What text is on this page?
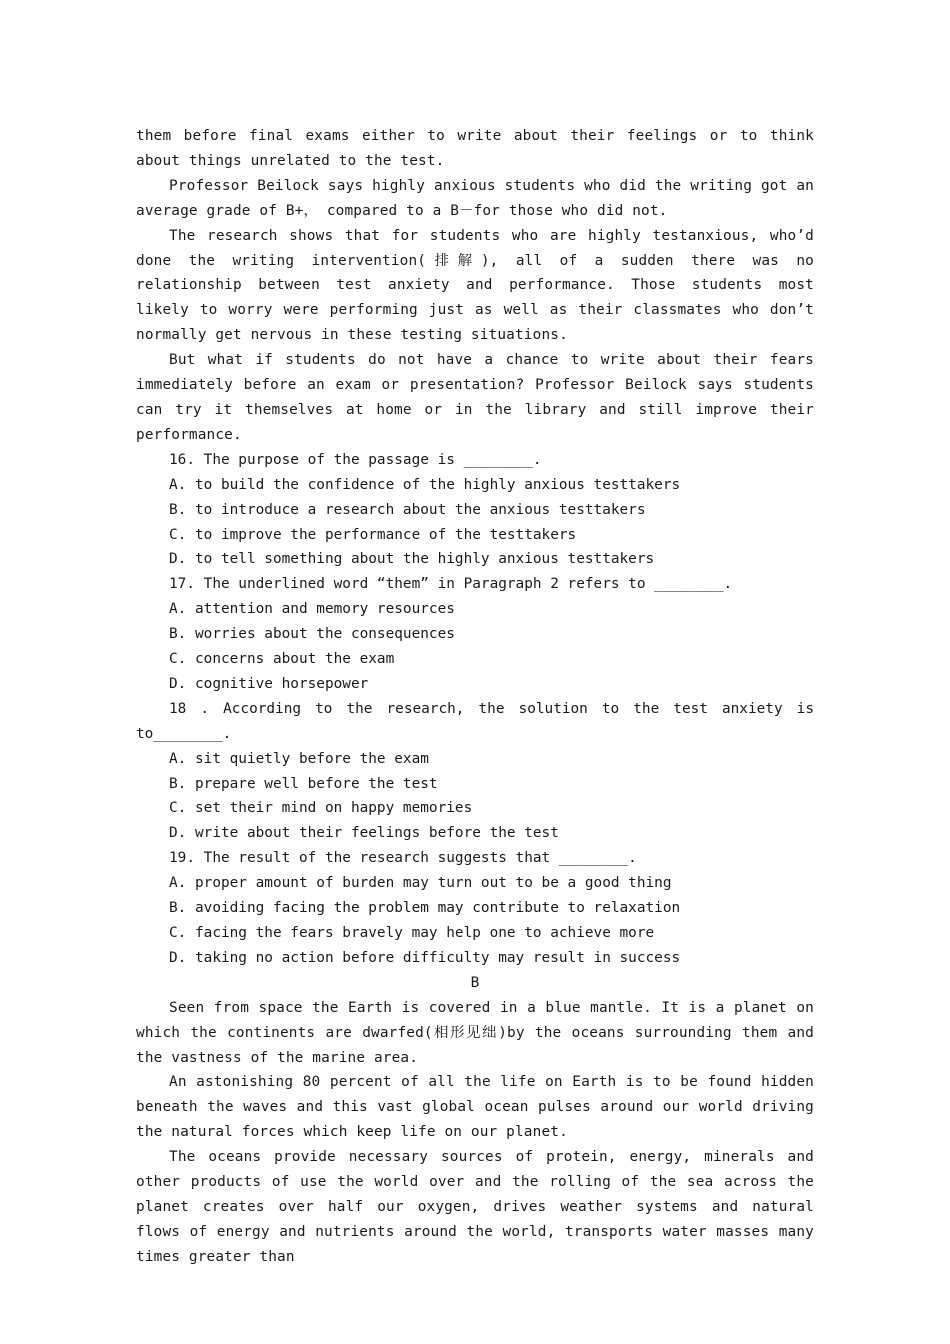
them before final exams either to write about their feelings or to think about things unrelated to the test.

Professor Beilock says highly anxious students who did the writing got an average grade of B+， compared to a B－for those who did not.

The research shows that for students who are highly testanxious, who’d done the writing intervention(排解), all of a sudden there was no relationship between test anxiety and performance. Those students most likely to worry were performing just as well as their classmates who don’t normally get nervous in these testing situations.

But what if students do not have a chance to write about their fears immediately before an exam or presentation? Professor Beilock says students can try it themselves at home or in the library and still improve their performance.

16. The purpose of the passage is ________.

A. to build the confidence of the highly anxious testtakers

B. to introduce a research about the anxious testtakers

C. to improve the performance of the testtakers

D. to tell something about the highly anxious testtakers

17. The underlined word “them” in Paragraph 2 refers to ________.

A. attention and memory resources

B. worries about the consequences

C. concerns about the exam

D. cognitive horsepower

18 . According to the research, the solution to the test anxiety is to________.

A. sit quietly before the exam

B. prepare well before the test

C. set their mind on happy memories

D. write about their feelings before the test

19. The result of the research suggests that ________.

A. proper amount of burden may turn out to be a good thing

B. avoiding facing the problem may contribute to relaxation

C. facing the fears bravely may help one to achieve more

D. taking no action before difficulty may result in success

B

Seen from space the Earth is covered in a blue mantle. It is a planet on which the continents are dwarfed(相形见绌)by the oceans surrounding them and the vastness of the marine area.

An astonishing 80 percent of all the life on Earth is to be found hidden beneath the waves and this vast global ocean pulses around our world driving the natural forces which keep life on our planet.

The oceans provide necessary sources of protein, energy, minerals and other products of use the world over and the rolling of the sea across the planet creates over half our oxygen, drives weather systems and natural flows of energy and nutrients around the world, transports water masses many times greater than
